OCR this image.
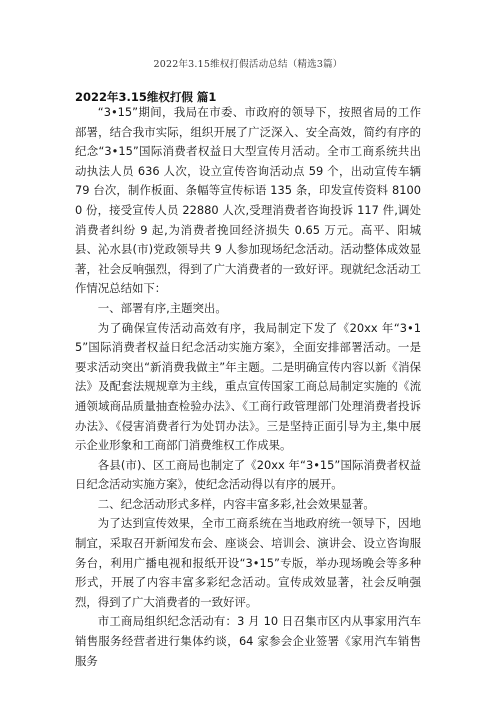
2022年3.15维权打假活动总结（精选3篇）
2022年3.15维权打假 篇1

“3•15”期间，我局在市委、市政府的领导下，按照省局的工作部署，结合我市实际，组织开展了广泛深入、安全高效，简约有序的纪念“3•15”国际消费者权益日大型宣传月活动。全市工商系统共出动执法人员 636 人次，设立宣传咨询活动点 59 个，出动宣传车辆 79 台次，制作板面、条幅等宣传标语 135 条，印发宣传资料 81000 份，接受宣传人员 22880 人次,受理消费者咨询投诉 117 件,调处消费者纠纷 9 起,为消费者挽回经济损失 0.65 万元。高平、阳城县、沁水县(市)党政领导共 9 人参加现场纪念活动。活动整体成效显著，社会反响强烈，得到了广大消费者的一致好评。现就纪念活动工作情况总结如下：

一、部署有序,主题突出。

为了确保宣传活动高效有序，我局制定下发了《20xx 年“3•15”国际消费者权益日纪念活动实施方案》，全面安排部署活动。一是要求活动突出“新消费我做主”年主题。二是明确宣传内容以新《消保法》及配套法规规章为主线，重点宣传国家工商总局制定实施的《流通领域商品质量抽查检验办法》、《工商行政管理部门处理消费者投诉办法》、《侵害消费者行为处罚办法》。三是坚持正面引导为主,集中展示企业形象和工商部门消费维权工作成果。

各县(市)、区工商局也制定了《20xx 年“3•15”国际消费者权益日纪念活动实施方案》，使纪念活动得以有序的展开。

二、纪念活动形式多样，内容丰富多彩,社会效果显著。

为了达到宣传效果，全市工商系统在当地政府统一领导下，因地制宜，采取召开新闻发布会、座谈会、培训会、演讲会、设立咨询服务台，利用广播电视和报纸开设“3•15”专版，举办现场晚会等多种形式，开展了内容丰富多彩纪念活动。宣传成效显著，社会反响强烈，得到了广大消费者的一致好评。

市工商局组织纪念活动有：3 月 10 日召集市区内从事家用汽车销售服务经营者进行集体约谈，64 家参会企业签署《家用汽车销售服务
